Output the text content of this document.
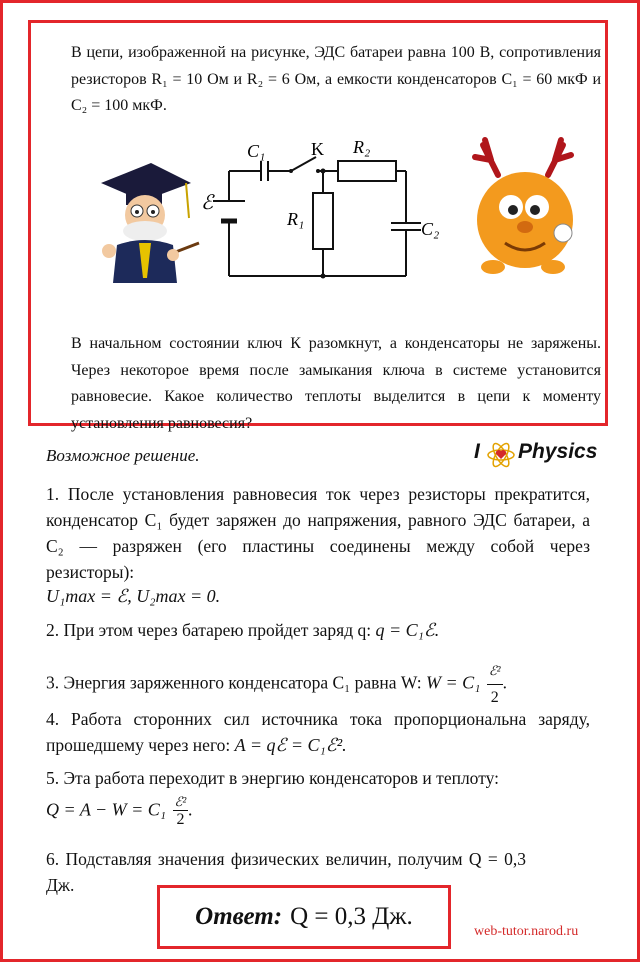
В цепи, изображенной на рисунке, ЭДС батареи равна 100 В, сопротивления резисторов R₁ = 10 Ом и R₂ = 6 Ом, а емкости конденсаторов C₁ = 60 мкФ и C₂ = 100 мкФ.
C₁	K R₂
ℰ
R₁	C₂
В начальном состоянии ключ К разомкнут, а конденсаторы не заряжены. Через некоторое время после замыкания ключа в системе установится равновесие. Какое количество теплоты выделится в цепи к моменту установления равновесия?
Возможное решение.	I Physics
1. После установления равновесия ток через резисторы прекратится, конденсатор C₁ будет заряжен до напряжения, равного ЭДС батареи, а C₂ — разряжен (его пластины соединены между собой через резисторы):
U₁max = ℰ, U₂max = 0.
2. При этом через батарею пройдет заряд q: q = C₁ℰ.
3. Энергия заряженного конденсатора C₁ равна W: $W = C_1 \frac{\text{ℰ²}}{2}$ .
4. Работа сторонних сил источника тока пропорциональна заряду, прошедшему через него: A = qℰ = C₁ℰ².
5. Эта работа переходит в энергию конденсаторов и теплоту:
$Q = A - W = C_1 \frac{\text{ℰ²}}{2}$ .
6. Подставляя значения физических величин, получим Q = 0,3 Дж.
Ответ: Q = 0,3 Дж.
web-tutor.narod.ru
